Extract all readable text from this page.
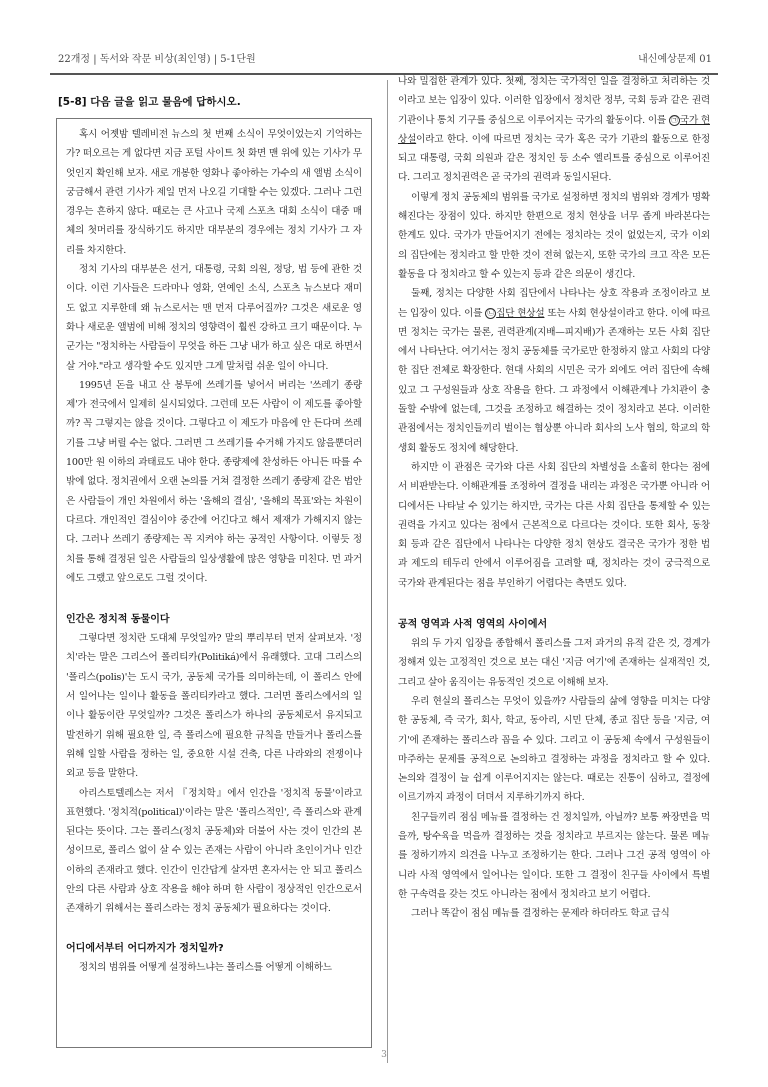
22개정 | 독서와 작문 비상(최인영) | 5-1단원	내신예상문제 01
[5-8] 다음 글을 읽고 물음에 답하시오.

혹시 어젯밤 텔레비전 뉴스의 첫 번째 소식이 무엇이었는지 기억하는가? 떠오르는 게 없다면 지금 포털 사이트 첫 화면 맨 위에 있는 기사가 무엇인지 확인해 보자. 새로 개봉한 영화나 좋아하는 가수의 새 앨범 소식이 궁금해서 관련 기사가 제일 먼저 나오길 기대할 수는 있겠다. 그러나 그런 경우는 흔하지 않다. 때로는 큰 사고나 국제 스포츠 대회 소식이 대중 매체의 첫머리를 장식하기도 하지만 대부분의 경우에는 정치 기사가 그 자리를 차지한다.

정치 기사의 대부분은 선거, 대통령, 국회 의원, 정당, 법 등에 관한 것이다. 이런 기사들은 드라마나 영화, 연예인 소식, 스포츠 뉴스보다 재미도 없고 지루한데 왜 뉴스로서는 맨 먼저 다루어질까? 그것은 새로운 영화나 새로운 앨범에 비해 정치의 영향력이 훨씬 강하고 크기 때문이다. 누군가는 "정치하는 사람들이 무엇을 하든 그냥 내가 하고 싶은 대로 하면서 살 거야."라고 생각할 수도 있지만 그게 말처럼 쉬운 일이 아니다.

1995년 돈을 내고 산 봉투에 쓰레기를 넣어서 버리는 '쓰레기 종량제'가 전국에서 일제히 실시되었다. 그런데 모든 사람이 이 제도를 좋아할까? 꼭 그렇지는 않을 것이다. 그렇다고 이 제도가 마음에 안 든다며 쓰레기를 그냥 버릴 수는 없다. 그러면 그 쓰레기를 수거해 가지도 않을뿐더러 100만 원 이하의 과태료도 내야 한다. 종량제에 찬성하든 아니든 따를 수밖에 없다. 정치권에서 오랜 논의를 거쳐 결정한 쓰레기 종량제 같은 법안은 사람들이 개인 차원에서 하는 '올해의 결심', '올해의 목표'와는 차원이 다르다. 개인적인 결심이야 중간에 어긴다고 해서 제재가 가해지지 않는다. 그러나 쓰레기 종량제는 꼭 지켜야 하는 공적인 사항이다. 이렇듯 정치를 통해 결정된 일은 사람들의 일상생활에 많은 영향을 미친다. 먼 과거에도 그랬고 앞으로도 그럴 것이다.

인간은 정치적 동물이다

그렇다면 정치란 도대체 무엇일까? 말의 뿌리부터 먼저 살펴보자. '정치'라는 말은 그리스어 폴리티카(Politiká)에서 유래했다. 고대 그리스의 '폴리스(polis)'는 도시 국가, 공동체 국가를 의미하는데, 이 폴리스 안에서 일어나는 일이나 활동을 폴리티카라고 했다. 그러면 폴리스에서의 일이나 활동이란 무엇일까? 그것은 폴리스가 하나의 공동체로서 유지되고 발전하기 위해 필요한 일, 즉 폴리스에 필요한 규칙을 만들거나 폴리스를 위해 일할 사람을 정하는 일, 중요한 시설 건축, 다른 나라와의 전쟁이나 외교 등을 말한다.

아리스토텔레스는 저서 『정치학』에서 인간을 '정치적 동물'이라고 표현했다. '정치적(political)'이라는 말은 '폴리스적인', 즉 폴리스와 관계된다는 뜻이다. 그는 폴리스(정치 공동체)와 더불어 사는 것이 인간의 본성이므로, 폴리스 없이 살 수 있는 존재는 사람이 아니라 초인이거나 인간 이하의 존재라고 했다. 인간이 인간답게 살자면 혼자서는 안 되고 폴리스 안의 다른 사람과 상호 작용을 해야 하며 한 사람이 정상적인 인간으로서 존재하기 위해서는 폴리스라는 정치 공동체가 필요하다는 것이다.

어디에서부터 어디까지가 정치일까?

정치의 범위를 어떻게 설정하느냐는 폴리스를 어떻게 이해하느

나와 밀접한 관계가 있다. 첫째, 정치는 국가적인 일을 결정하고 처리하는 것이라고 보는 입장이 있다. 이러한 입장에서 정치란 정부, 국회 등과 같은 권력 기관이나 통치 기구를 중심으로 이루어지는 국가의 활동이다. 이를 ㉠ 국가 현상설이라고 한다. 이에 따르면 정치는 국가 혹은 국가 기관의 활동으로 한정되고 대통령, 국회 의원과 같은 정치인 등 소수 엘리트를 중심으로 이루어진다. 그리고 정치권력은 곧 국가의 권력과 동일시된다.

이렇게 정치 공동체의 범위를 국가로 설정하면 정치의 범위와 경계가 명확해진다는 장점이 있다. 하지만 한편으로 정치 현상을 너무 좁게 바라본다는 한계도 있다. 국가가 만들어지기 전에는 정치라는 것이 없었는지, 국가 이외의 집단에는 정치라고 할 만한 것이 전혀 없는지, 또한 국가의 크고 작은 모든 활동을 다 정치라고 할 수 있는지 등과 같은 의문이 생긴다.

둘째, 정치는 다양한 사회 집단에서 나타나는 상호 작용과 조정이라고 보는 입장이 있다. 이를 ㉡ 집단 현상설 또는 사회 현상설이라고 한다. 이에 따르면 정치는 국가는 물론, 권력관계(지배—피지배)가 존재하는 모든 사회 집단에서 나타난다. 여기서는 정치 공동체를 국가로만 한정하지 않고 사회의 다양한 집단 전체로 확장한다. 현대 사회의 시민은 국가 외에도 여러 집단에 속해 있고 그 구성원들과 상호 작용을 한다. 그 과정에서 이해관계나 가치관이 충돌할 수밖에 없는데, 그것을 조정하고 해결하는 것이 정치라고 본다. 이러한 관점에서는 정치인들끼리 벌이는 협상뿐 아니라 회사의 노사 협의, 학교의 학생회 활동도 정치에 해당한다.

하지만 이 관점은 국가와 다른 사회 집단의 차별성을 소홀히 한다는 점에서 비판받는다. 이해관계를 조정하여 결정을 내리는 과정은 국가뿐 아니라 어디에서든 나타날 수 있기는 하지만, 국가는 다른 사회 집단을 통제할 수 있는 권력을 가지고 있다는 점에서 근본적으로 다르다는 것이다. 또한 회사, 동창회 등과 같은 집단에서 나타나는 다양한 정치 현상도 결국은 국가가 정한 법과 제도의 테두리 안에서 이루어짐을 고려할 때, 정치라는 것이 궁극적으로 국가와 관계된다는 점을 부인하기 어렵다는 측면도 있다.

공적 영역과 사적 영역의 사이에서

위의 두 가지 입장을 종합해서 폴리스를 그저 과거의 유적 같은 것, 경계가 정해져 있는 고정적인 것으로 보는 대신 '지금 여기'에 존재하는 실재적인 것, 그리고 살아 움직이는 유동적인 것으로 이해해 보자.

우리 현실의 폴리스는 무엇이 있을까? 사람들의 삶에 영향을 미치는 다양한 공동체, 즉 국가, 회사, 학교, 동아리, 시민 단체, 종교 집단 등을 '지금, 여기'에 존재하는 폴리스라 꼽을 수 있다. 그리고 이 공동체 속에서 구성원들이 마주하는 문제를 공적으로 논의하고 결정하는 과정을 정치라고 할 수 있다. 논의와 결정이 늘 쉽게 이루어지지는 않는다. 때로는 진통이 심하고, 결정에 이르기까지 과정이 더뎌서 지루하기까지 하다.

친구들끼리 점심 메뉴를 결정하는 건 정치일까, 아닐까? 보통 짜장면을 먹을까, 탕수육을 먹을까 결정하는 것을 정치라고 부르지는 않는다. 물론 메뉴를 정하기까지 의견을 나누고 조정하기는 한다. 그러나 그건 공적 영역이 아니라 사적 영역에서 일어나는 일이다. 또한 그 결정이 친구들 사이에서 특별한 구속력을 갖는 것도 아니라는 점에서 정치라고 보기 어렵다.

그러나 똑같이 점심 메뉴를 결정하는 문제라 하더라도 학교 급식

3
